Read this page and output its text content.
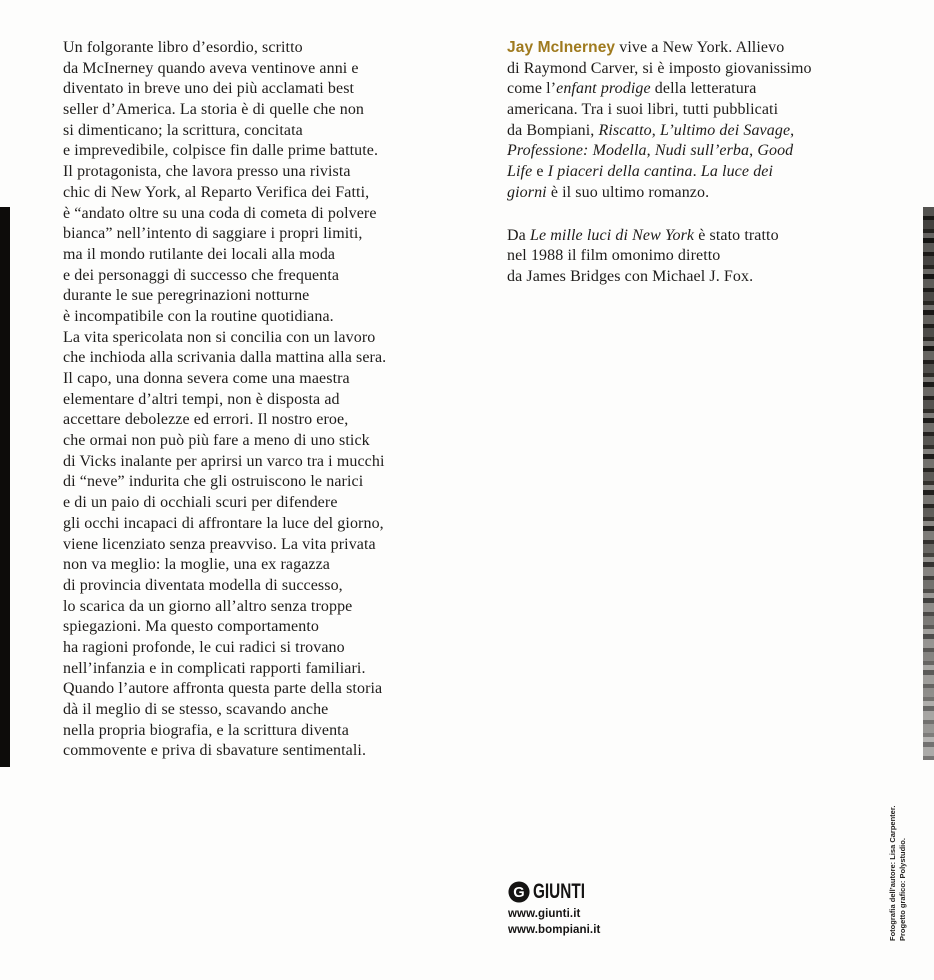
Un folgorante libro d’esordio, scritto
da McInerney quando aveva ventinove anni e
diventato in breve uno dei più acclamati best
seller d’America. La storia è di quelle che non
si dimenticano; la scrittura, concitata
e imprevedibile, colpisce fin dalle prime battute.
Il protagonista, che lavora presso una rivista
chic di New York, al Reparto Verifica dei Fatti,
è “andato oltre su una coda di cometa di polvere
bianca” nell’intento di saggiare i propri limiti,
ma il mondo rutilante dei locali alla moda
e dei personaggi di successo che frequenta
durante le sue peregrinazioni notturne
è incompatibile con la routine quotidiana.
La vita spericolata non si concilia con un lavoro
che inchioda alla scrivania dalla mattina alla sera.
Il capo, una donna severa come una maestra
elementare d’altri tempi, non è disposta ad
accettare debolezze ed errori. Il nostro eroe,
che ormai non può più fare a meno di uno stick
di Vicks inalante per aprirsi un varco tra i mucchi
di “neve” indurita che gli ostruiscono le narici
e di un paio di occhiali scuri per difendere
gli occhi incapaci di affrontare la luce del giorno,
viene licenziato senza preavviso. La vita privata
non va meglio: la moglie, una ex ragazza
di provincia diventata modella di successo,
lo scarica da un giorno all’altro senza troppe
spiegazioni. Ma questo comportamento
ha ragioni profonde, le cui radici si trovano
nell’infanzia e in complicati rapporti familiari.
Quando l’autore affronta questa parte della storia
dà il meglio di se stesso, scavando anche
nella propria biografia, e la scrittura diventa
commovente e priva di sbavature sentimentali.
Jay McInerney vive a New York. Allievo
di Raymond Carver, si è imposto giovanissimo
come l’enfant prodige della letteratura
americana. Tra i suoi libri, tutti pubblicati
da Bompiani, Riscatto, L’ultimo dei Savage,
Professione: Modella, Nudi sull’erba, Good
Life e I piaceri della cantina. La luce dei
giorni è il suo ultimo romanzo.
Da Le mille luci di New York è stato tratto
nel 1988 il film omonimo diretto
da James Bridges con Michael J. Fox.
G GIUNTI
www.giunti.it
www.bompiani.it	Fotografia dell’autore: Lisa Carpenter. Progetto grafico: Polystudio.
